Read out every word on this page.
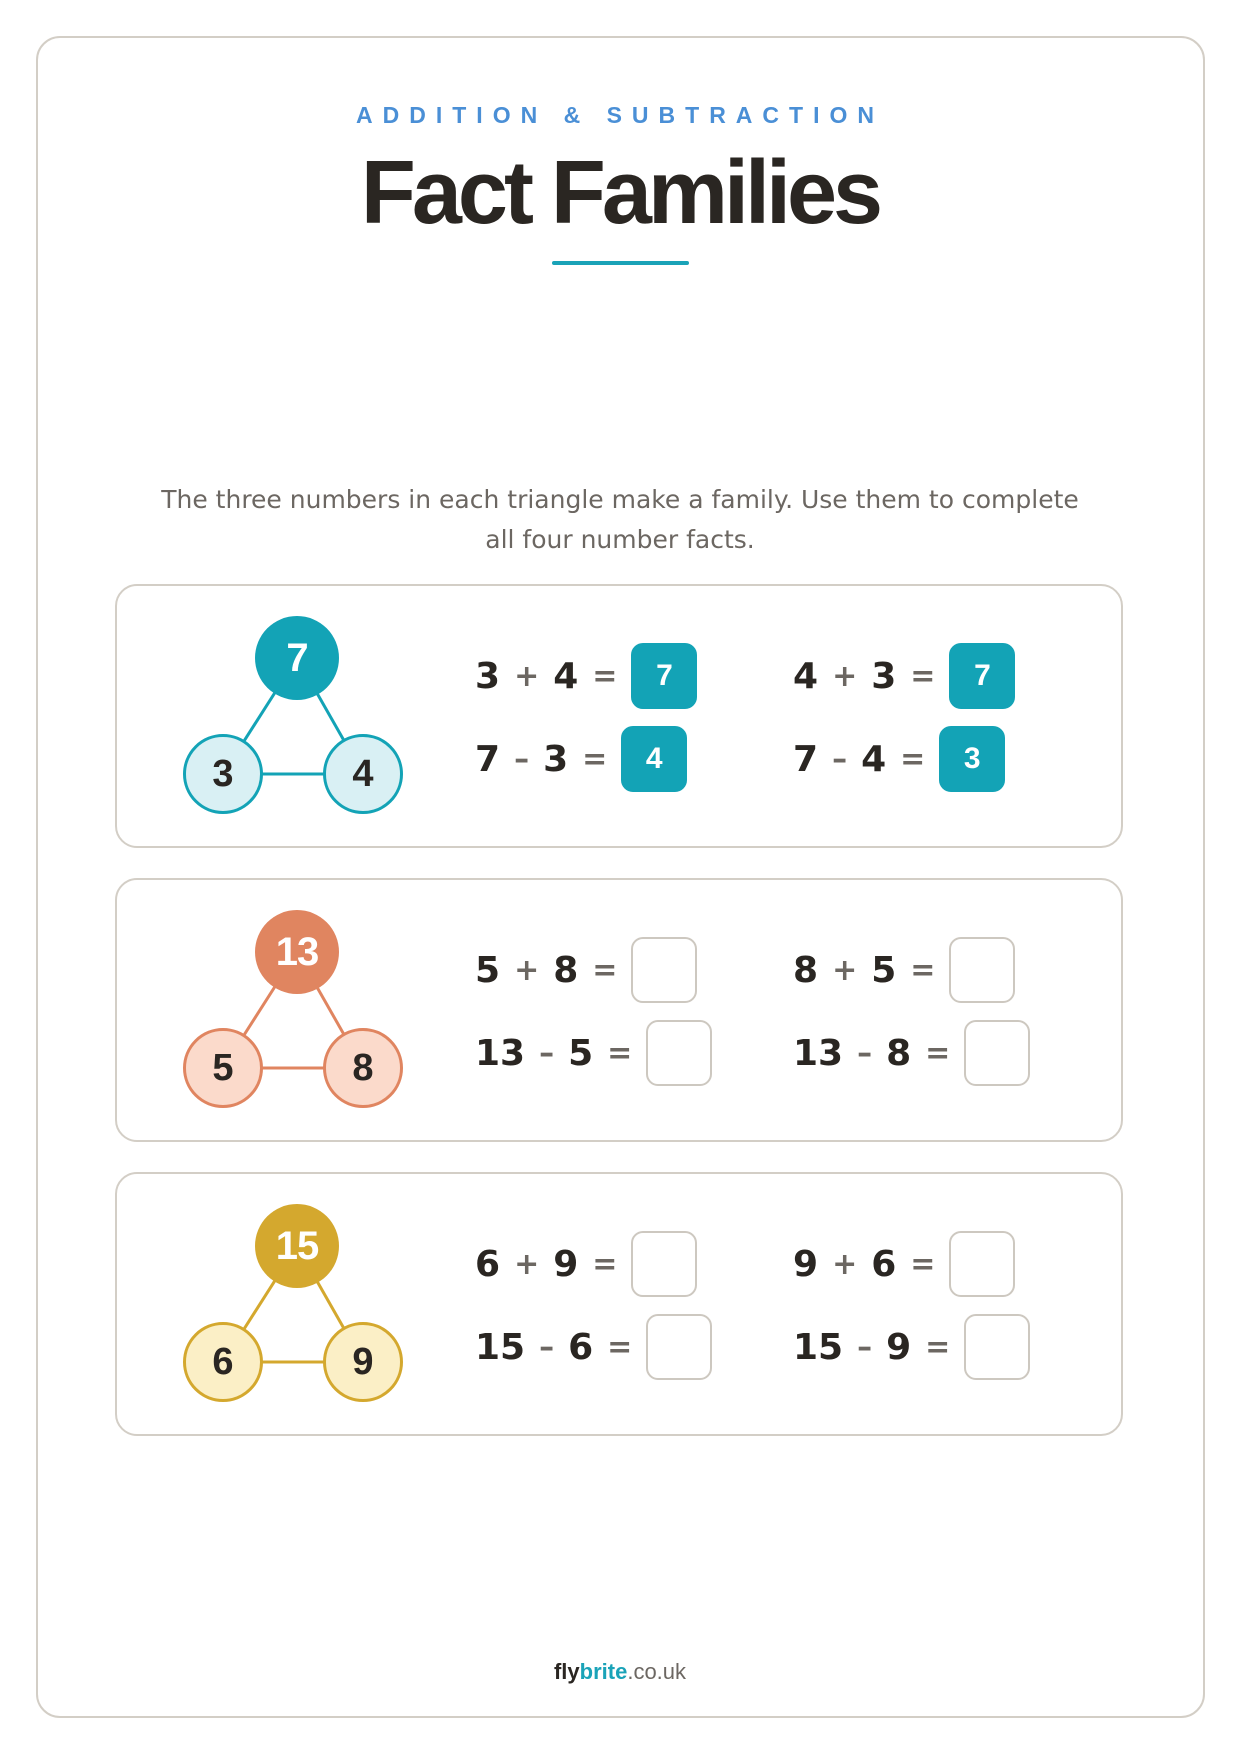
ADDITION & SUBTRACTION
Fact Families
The three numbers in each triangle make a family. Use them to complete all four number facts.
7
3	4
3 + 4 =	7	4 + 3 =	7
7 – 3 =	4	7 – 4 =	3
13
5	8
5 + 8 =	8 + 5 =
13 – 5 =	13 – 8 =
15
6	9
6 + 9 =	9 + 6 =
15 – 6 =	15 – 9 =
flybrite.co.uk
